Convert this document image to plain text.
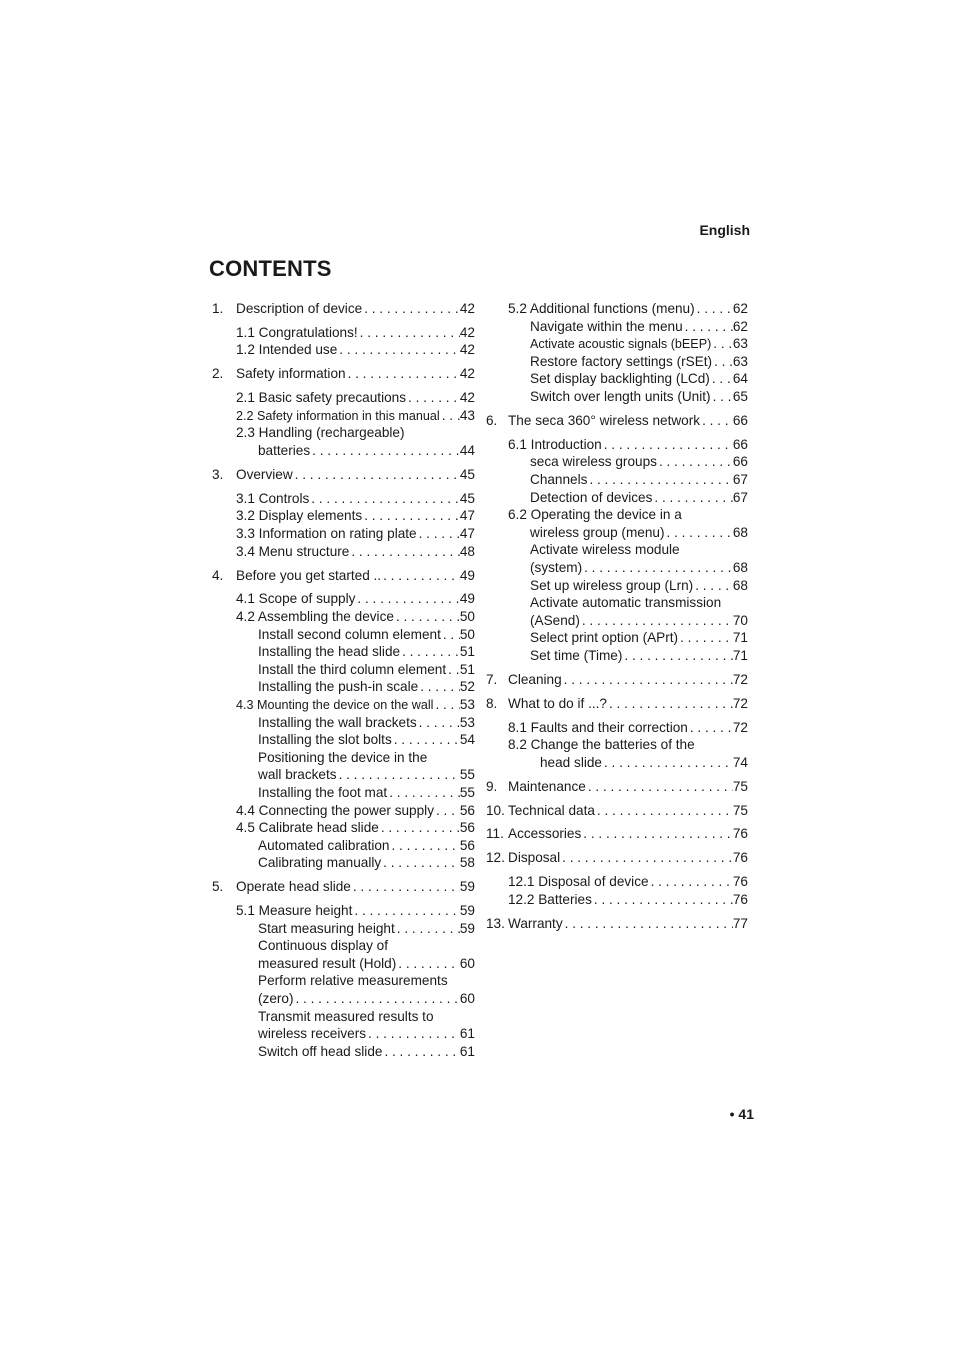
English
CONTENTS
1. Description of device . . .	42
1.1 Congratulations! . . .	42
1.2 Intended use . . .	42
2. Safety information . . .	42
2.1 Basic safety precautions . . .	42
2.2 Safety information in this manual . . . 43
2.3 Handling (rechargeable)
batteries . . .	44
3. Overview . . .	45
3.1 Controls . . .	45
3.2 Display elements . . .	47
3.3 Information on rating plate . . .	47
3.4 Menu structure . . .	48
4. Before you get started .. . . .	49
4.1 Scope of supply . . .	49
4.2 Assembling the device . . .	50
Install second column element . . . 50
Installing the head slide . . .	51
Install the third column element . . . 51
Installing the push-in scale . . .	52
4.3 Mounting the device on the wall . . . 53
Installing the wall brackets . . .	53
Installing the slot bolts . . .	54
Positioning the device in the
wall brackets . . .	55
Installing the foot mat . . .	55
4.4 Connecting the power supply . . . 56
4.5 Calibrate head slide . . .	56
Automated calibration . . .	56
Calibrating manually . . .	58
5. Operate head slide . . .	59
5.1 Measure height . . .	59
Start measuring height . . .	59
Continuous display of
measured result (Hold) . . .	60
Perform relative measurements
(zero) . . .	60
Transmit measured results to
wireless receivers . . .	61
Switch off head slide . . .	61
5.2 Additional functions (menu) . . .	62
Navigate within the menu . . .	62
Activate acoustic signals (bEEP) . . . 63
Restore factory settings (rSEt) . . . 63
Set display backlighting (LCd) . . . 64
Switch over length units (Unit) . . . 65
6. The seca 360° wireless network . . . 66
6.1 Introduction . . .	66
seca wireless groups . . .	66
Channels . . .	67
Detection of devices . . .	67
6.2 Operating the device in a
wireless group (menu) . . .	68
Activate wireless module
(system) . . .	68
Set up wireless group (Lrn) . . .	68
Activate automatic transmission
(ASend) . . .	70
Select print option (APrt) . . .	71
Set time (Time) . . .	71
7. Cleaning . . .	72
8. What to do if ...? . . .	72
8.1 Faults and their correction . . .	72
8.2 Change the batteries of the
head slide . . .	74
9. Maintenance . . .	75
10. Technical data . . .	75
11. Accessories . . .	76
12. Disposal . . .	76
12.1 Disposal of device . . .	76
12.2 Batteries . . .	76
13. Warranty . . .	77
• 41
